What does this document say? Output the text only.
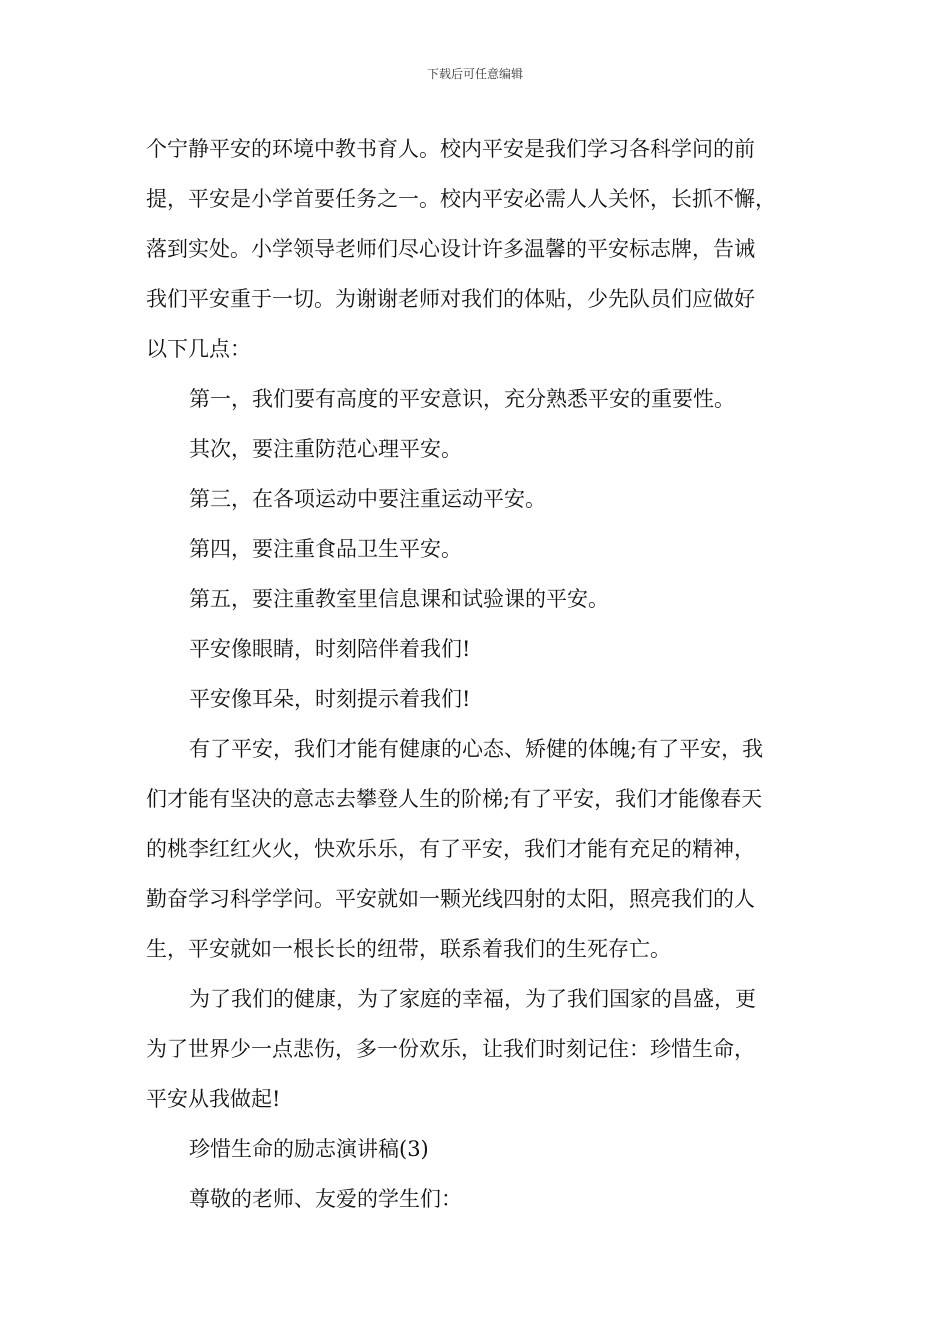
下载后可任意编辑
个宁静平安的环境中教书育人。校内平安是我们学习各科学问的前
提，平安是小学首要任务之一。校内平安必需人人关怀，长抓不懈，
落到实处。小学领导老师们尽心设计许多温馨的平安标志牌，告诫
我们平安重于一切。为谢谢老师对我们的体贴，少先队员们应做好
以下几点：
第一，我们要有高度的平安意识，充分熟悉平安的重要性。
其次，要注重防范心理平安。
第三，在各项运动中要注重运动平安。
第四，要注重食品卫生平安。
第五，要注重教室里信息课和试验课的平安。
平安像眼睛，时刻陪伴着我们!
平安像耳朵，时刻提示着我们!
有了平安，我们才能有健康的心态、矫健的体魄;有了平安，我
们才能有坚决的意志去攀登人生的阶梯;有了平安，我们才能像春天
的桃李红红火火，快欢乐乐，有了平安，我们才能有充足的精神，
勤奋学习科学学问。平安就如一颗光线四射的太阳，照亮我们的人
生，平安就如一根长长的纽带，联系着我们的生死存亡。
为了我们的健康，为了家庭的幸福，为了我们国家的昌盛，更
为了世界少一点悲伤，多一份欢乐，让我们时刻记住：珍惜生命，
平安从我做起!
珍惜生命的励志演讲稿(3)
尊敬的老师、友爱的学生们：
